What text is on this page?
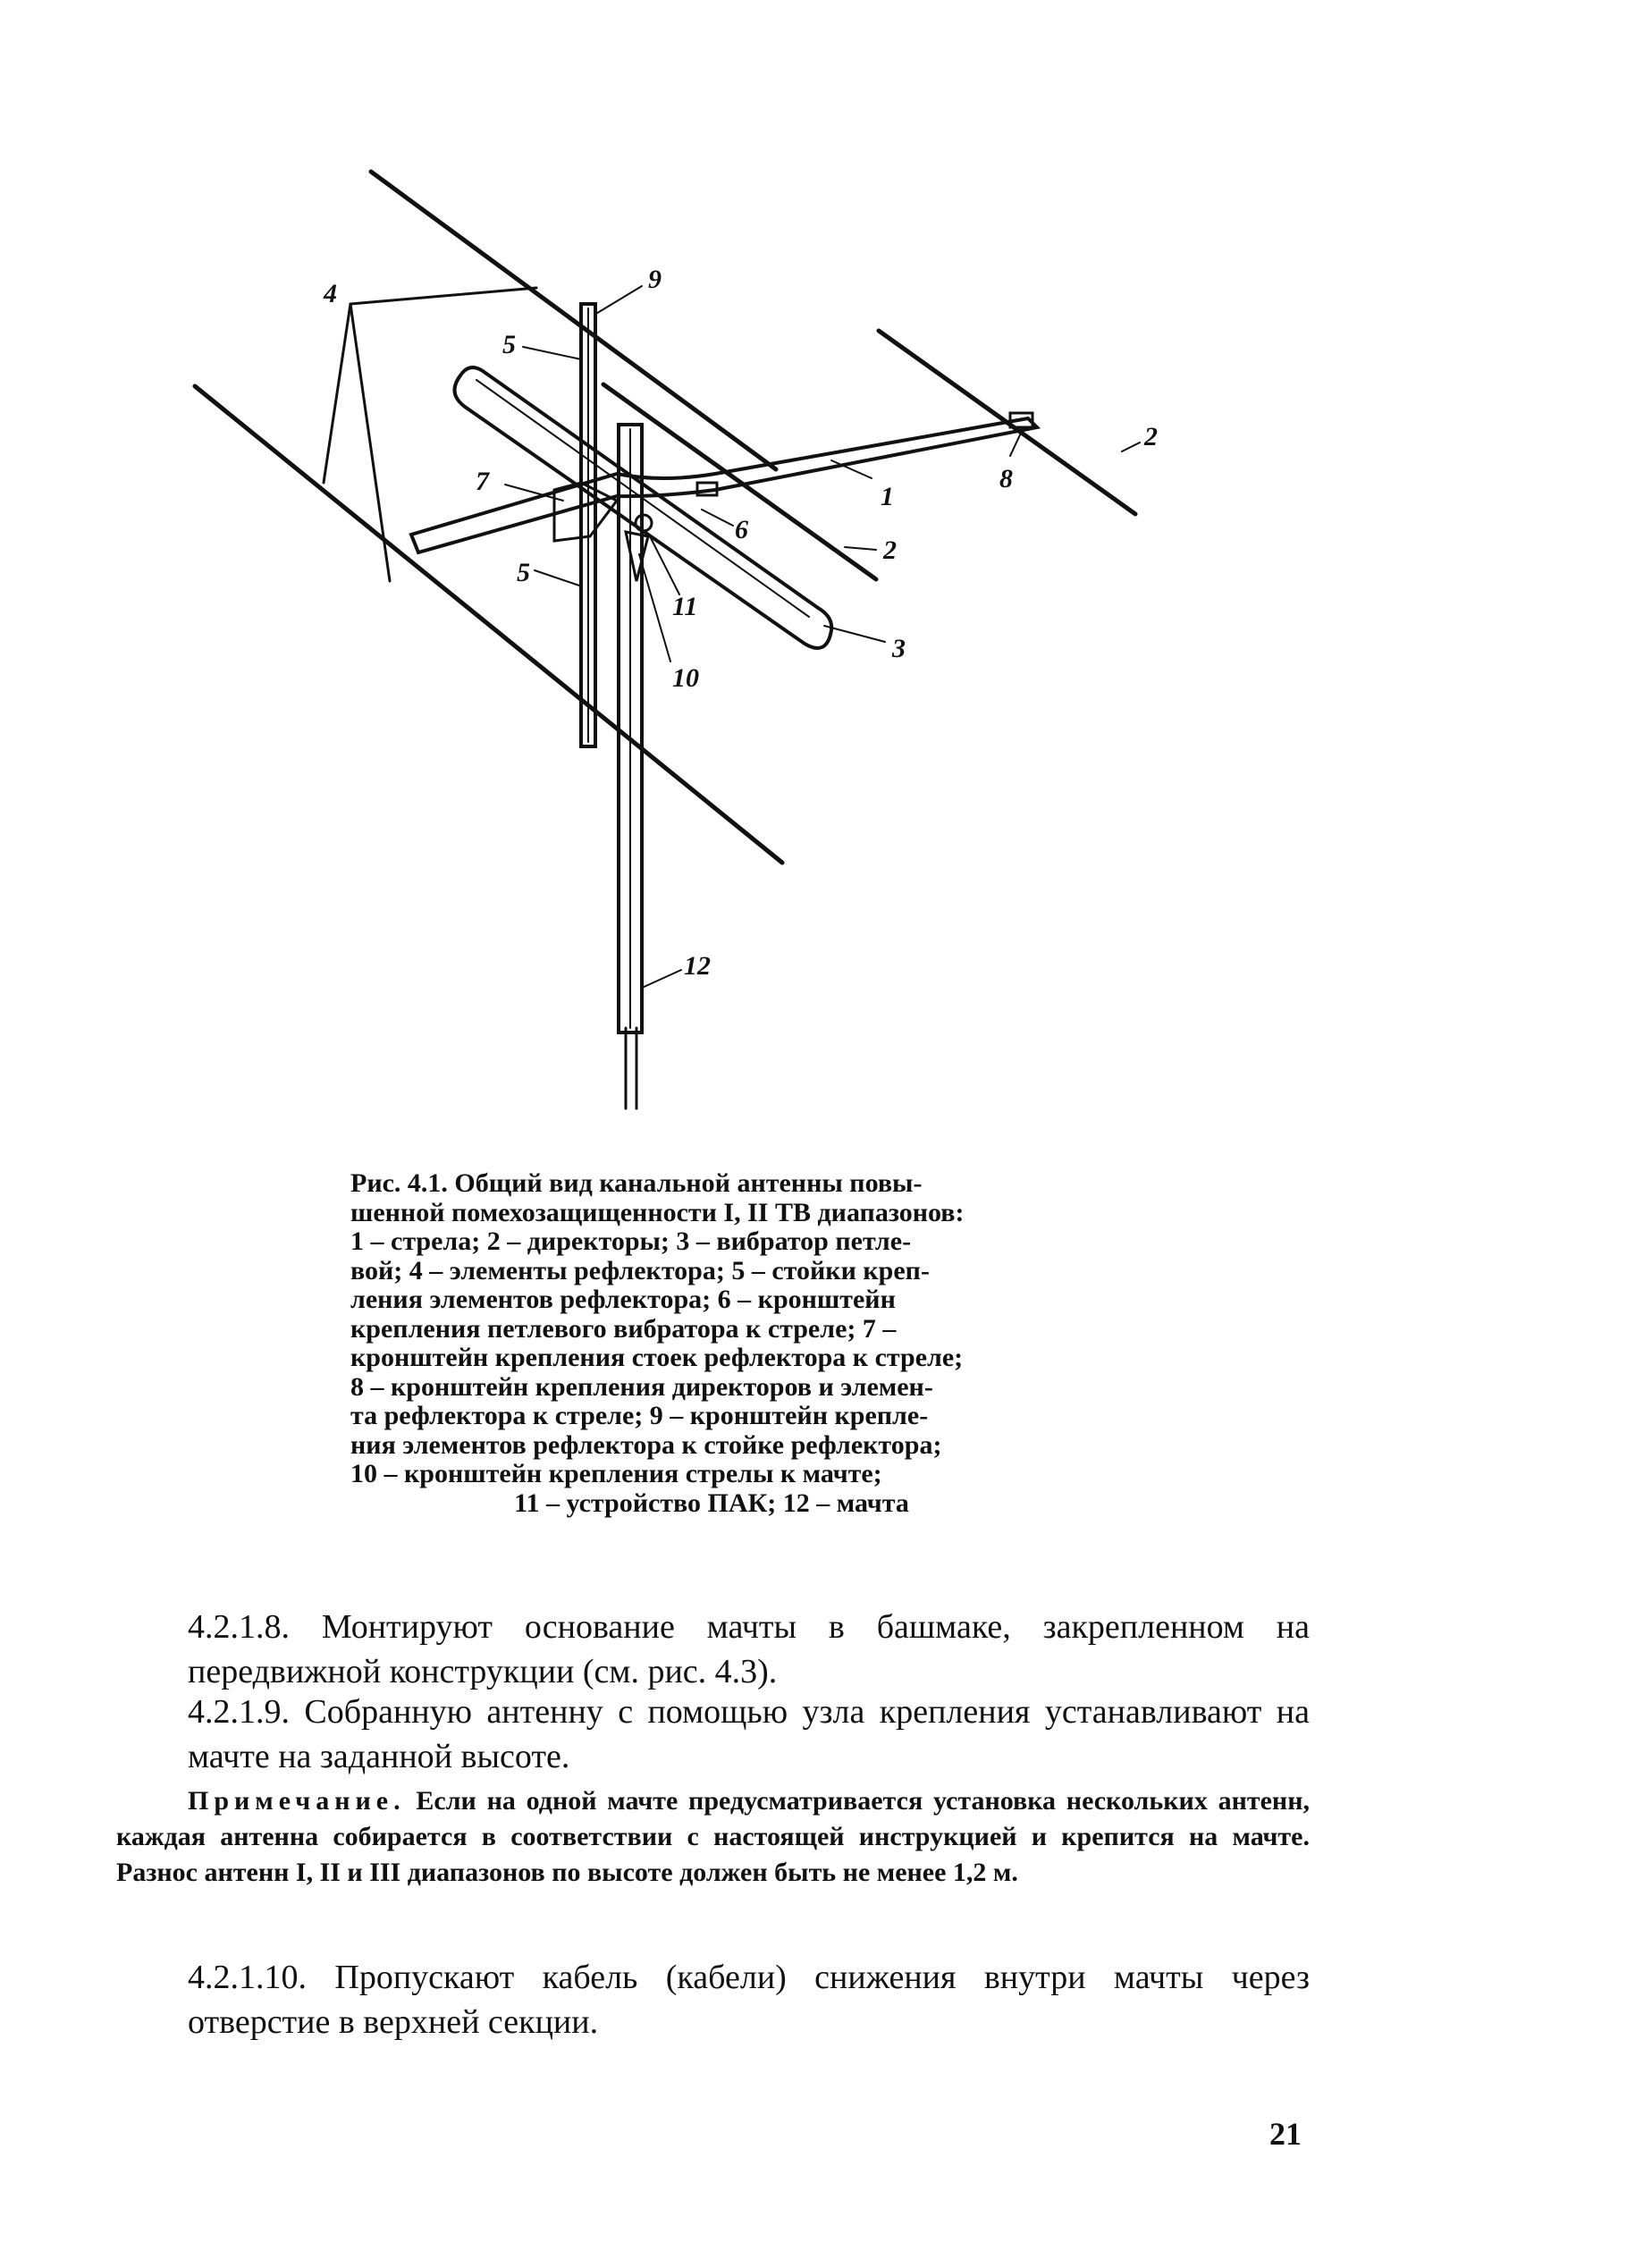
4	9
5
7
5
6
11
10
1
2
8
2
3
12
Рис. 4.1. Общий вид канальной антенны повы-
шенной помехозащищенности I, II ТВ диапазонов:
1 – стрела; 2 – директоры; 3 – вибратор петле-
вой; 4 – элементы рефлектора; 5 – стойки креп-
ления элементов рефлектора; 6 – кронштейн
крепления петлевого вибратора к стреле; 7 –
кронштейн крепления стоек рефлектора к стреле;
8 – кронштейн крепления директоров и элемен-
та рефлектора к стреле; 9 – кронштейн крепле-
ния элементов рефлектора к стойке рефлектора;
10 – кронштейн крепления стрелы к мачте;
11 – устройство ПАК; 12 – мачта
4.2.1.8. Монтируют основание мачты в башмаке, закрепленном на передвижной конструкции (см. рис. 4.3).
4.2.1.9. Собранную антенну с помощью узла крепления устанавливают на мачте на заданной высоте.
Примечание. Если на одной мачте предусматривается установка нескольких антенн, каждая антенна собирается в соответствии с настоящей инструкцией и крепится на мачте. Разнос антенн I, II и III диапазонов по высоте должен быть не менее 1,2 м.
4.2.1.10. Пропускают кабель (кабели) снижения внутри мачты через отверстие в верхней секции.
21
